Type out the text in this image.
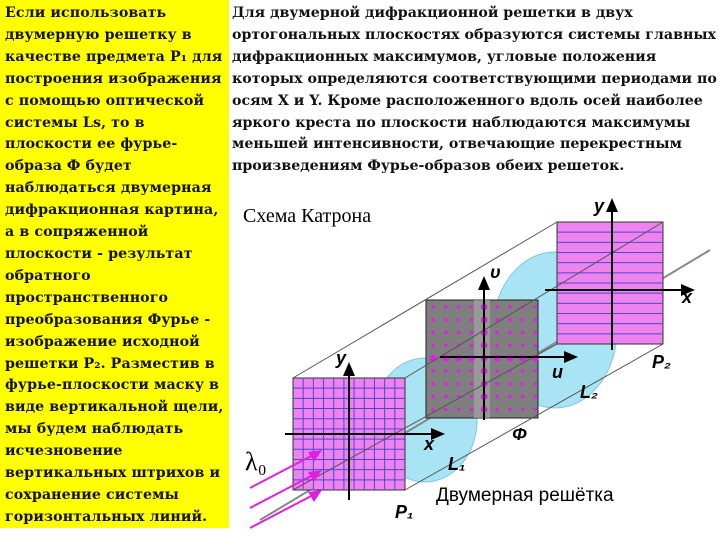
Если использовать двумерную решетку в качестве предмета P₁ для построения изображения с помощью оптической системы Ls, то в плоскости ее фурье-образа Ф будет наблюдаться двумерная дифракционная картина, а в сопряженной плоскости - результат обратного пространственного преобразования Фурье - изображение исходной решетки P₂. Разместив в фурье-плоскости маску в виде вертикальной щели, мы будем наблюдать исчезновение вертикальных штрихов и сохранение системы горизонтальных линий.

Для двумерной дифракционной решетки в двух ортогональных плоскостях образуются системы главных дифракционных максимумов, угловые положения которых определяются соответствующими периодами по осям X и Y. Кроме расположенного вдоль осей наиболее яркого креста по плоскости наблюдаются максимумы меньшей интенсивности, отвечающие перекрестным произведениям Фурье-образов обеих решеток.

Схема Катрона
Двумерная решётка
y
x
P₂
L₂
υ
u
Φ
y
x
L₁
P₁
λ₀
